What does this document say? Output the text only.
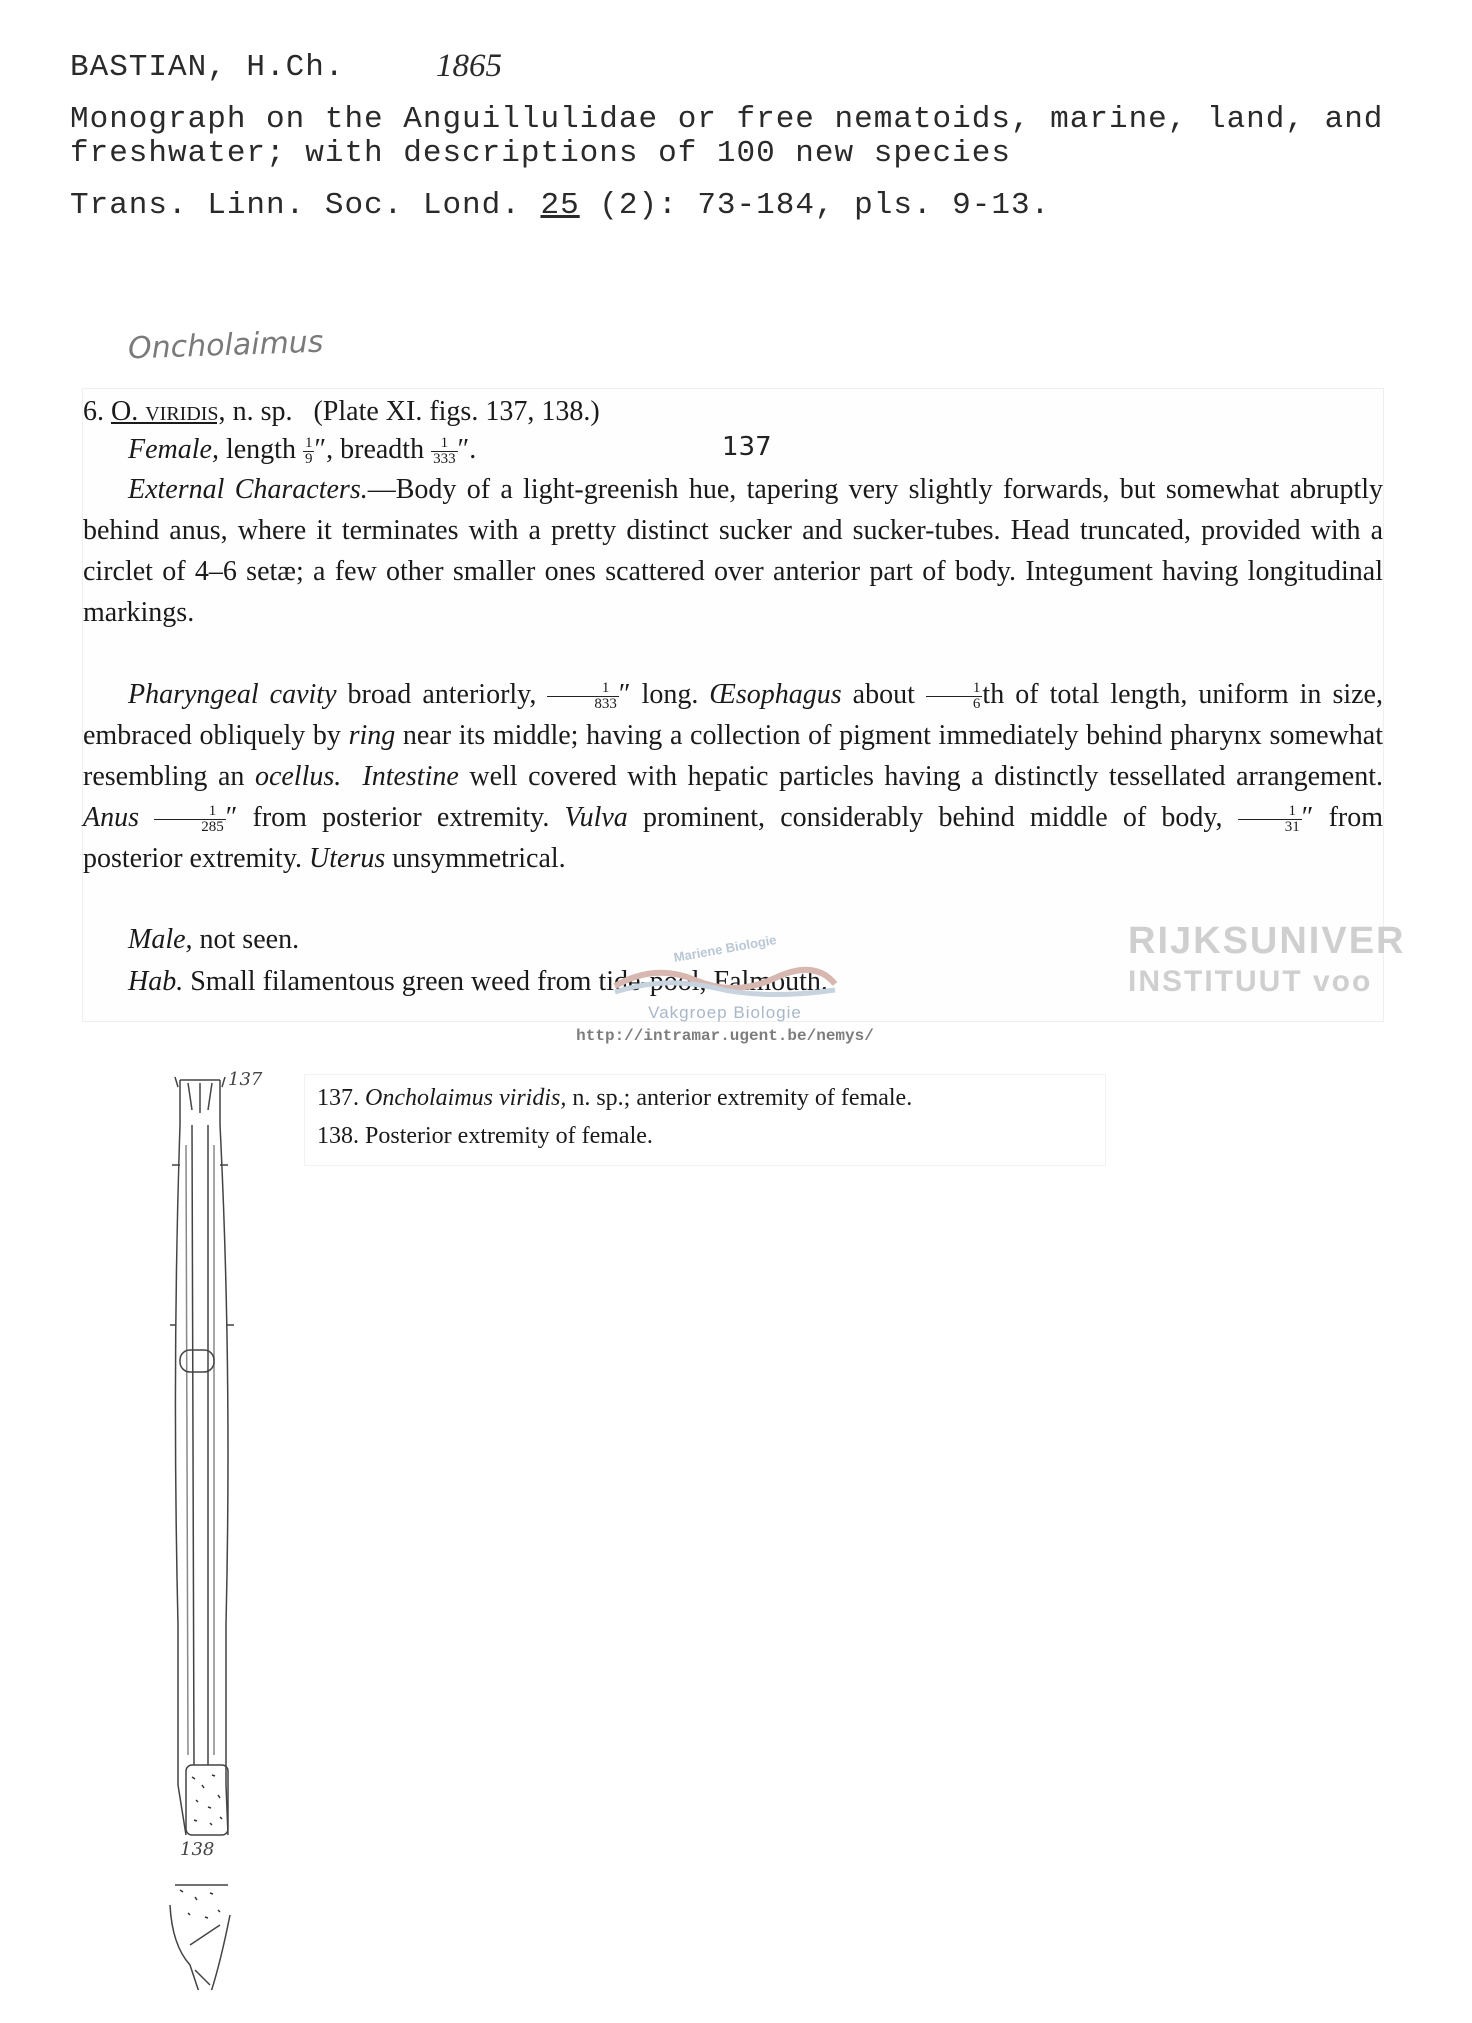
BASTIAN, H.Ch.	1865
Monograph on the Anguillulidae or free nematoids, marine, land, and
freshwater; with descriptions of 100 new species
Trans. Linn. Soc. Lond. 25 (2): 73-184, pls. 9-13.
Oncholaimus
6. O. viridis, n. sp. (Plate XI. figs. 137, 138.)
Female, length $\frac{1}{9}$ ″, breadth $\frac{1}{333}$ ″.
External Characters.—Body of a light-greenish hue, tapering very slightly forwards, but somewhat abruptly behind anus, where it terminates with a pretty distinct sucker and sucker-tubes. Head truncated, provided with a circlet of 4–6 setæ; a few other smaller ones scattered over anterior part of body. Integument having longitudinal markings.
Pharyngeal cavity broad anteriorly, $\frac{1}{833}$ ″ long. Œsophagus about $\frac{1}{6}$ th of total length, uniform in size, embraced obliquely by ring near its middle; having a collection of pigment immediately behind pharynx somewhat resembling an ocellus. Intestine well covered with hepatic particles having a distinctly tessellated arrangement. Anus $\frac{1}{285}$ ″ from posterior extremity. Vulva prominent, considerably behind middle of body, $\frac{1}{31}$ ″ from posterior extremity. Uterus unsymmetrical.
Male, not seen.
Hab. Small filamentous green weed from tide-pool, Falmouth.
137
RIJKSUNIVER
INSTITUUT voo
Mariene Biologie
Vakgroep Biologie
http://intramar.ugent.be/nemys/
137. Oncholaimus viridis, n. sp.; anterior extremity of female.
138. Posterior extremity of female.
137
138
